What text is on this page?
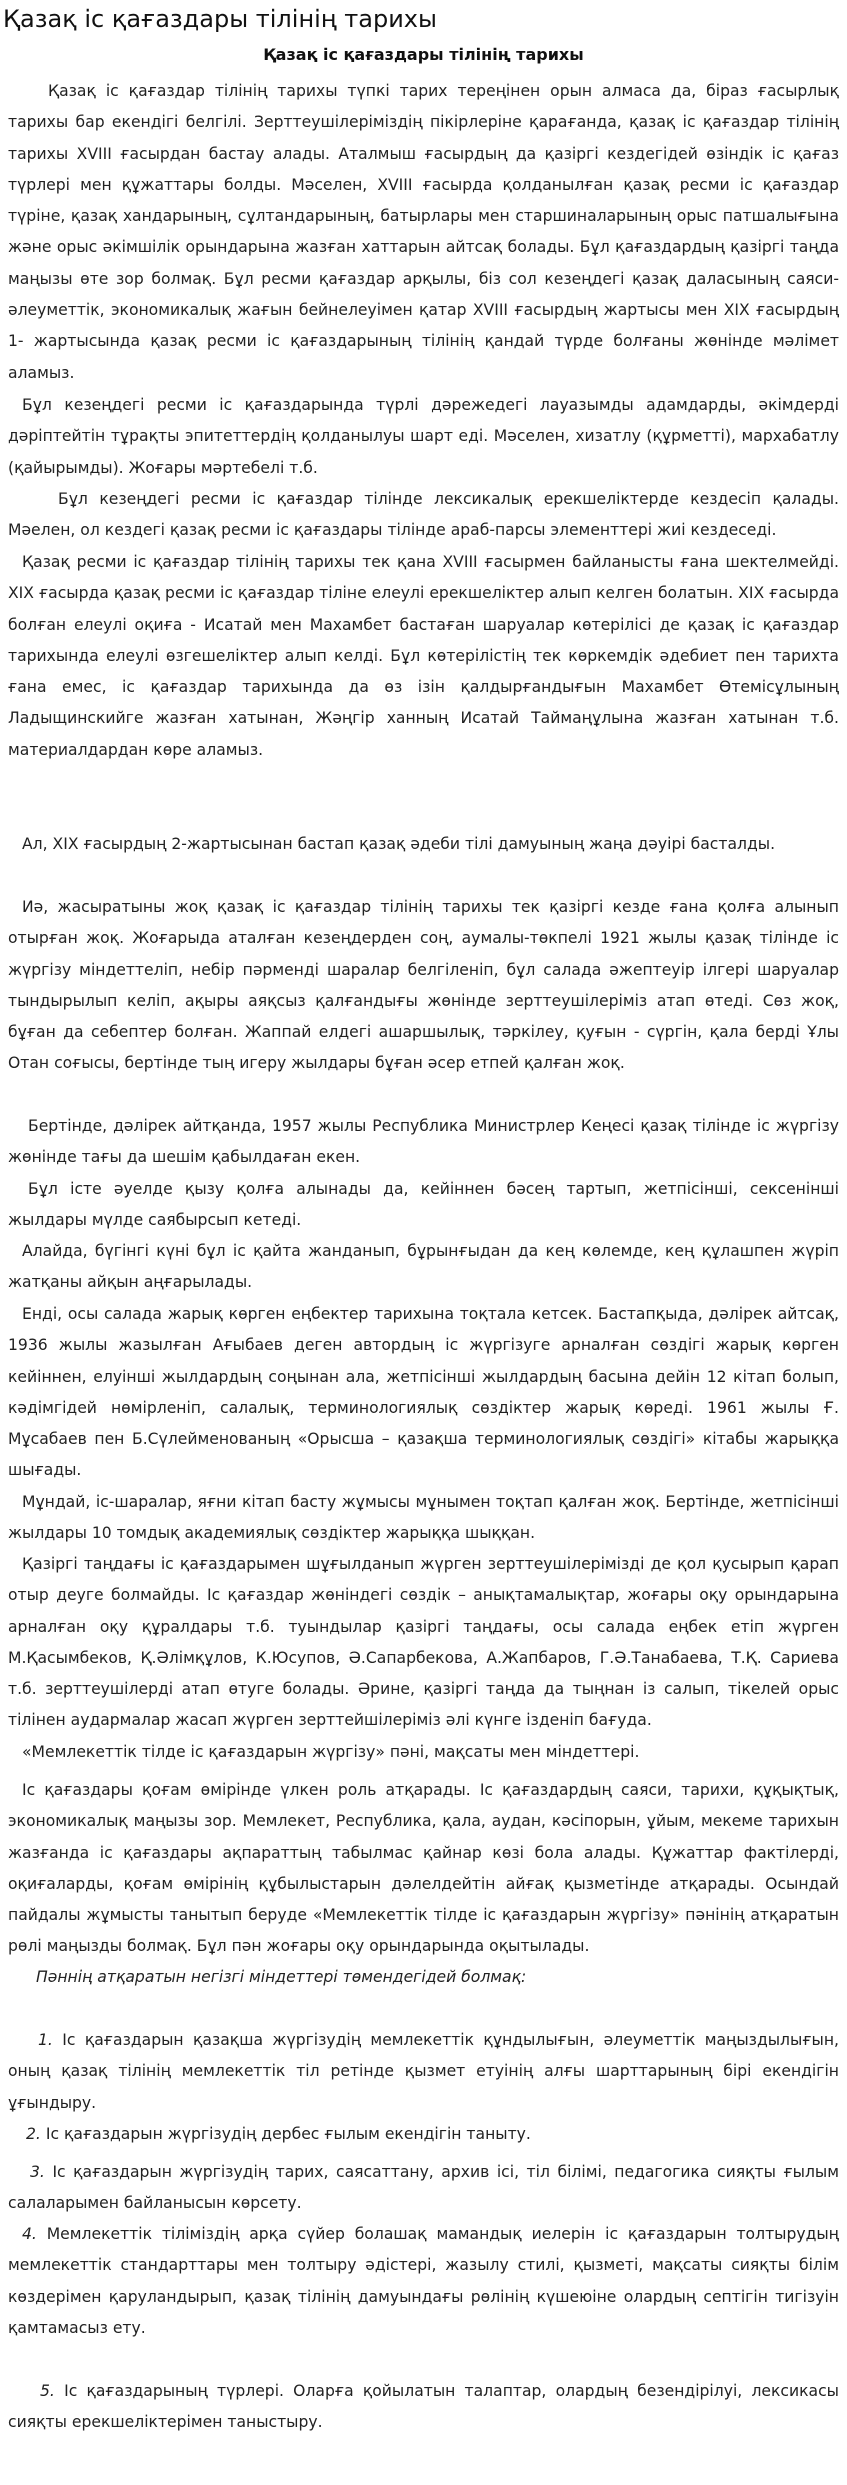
Қазақ іс қағаздары тілінің тарихы
Қазақ іс қағаздары тілінің тарихы

Қазақ іс қағаздар тілінің тарихы түпкі тарих тереңінен орын алмаса да, біраз ғасырлық тарихы бар екендігі белгілі. Зерттеушілеріміздің пікірлеріне қарағанда, қазақ іс қағаздар тілінің тарихы XVIII ғасырдан бастау алады. Аталмыш ғасырдың да қазіргі кездегідей өзіндік іс қағаз түрлері мен құжаттары болды. Мәселен, XVIII ғасырда қолданылған қазақ ресми іс қағаздар түріне, қазақ хандарының, сұлтандарының, батырлары мен старшиналарының орыс патшалығына және орыс әкімшілік орындарына жазған хаттарын айтсақ болады. Бұл қағаздардың қазіргі таңда маңызы өте зор болмақ. Бұл ресми қағаздар арқылы, біз сол кезеңдегі қазақ даласының саяси-әлеуметтік, экономикалық жағын бейнелеуімен қатар XVIII ғасырдың жартысы мен XIX ғасырдың 1- жартысында қазақ ресми іс қағаздарының тілінің қандай түрде болғаны жөнінде мәлімет аламыз.

Бұл кезеңдегі ресми іс қағаздарында түрлі дәрежедегі лауазымды адамдарды, әкімдерді дәріптейтін тұрақты эпитеттердің қолданылуы шарт еді. Мәселен, хизатлу (құрметті), мархабатлу (қайырымды). Жоғары мәртебелі т.б.

Бұл кезеңдегі ресми іс қағаздар тілінде лексикалық ерекшеліктерде кездесіп қалады. Мәелен, ол кездегі қазақ ресми іс қағаздары тілінде араб-парсы элементтері жиі кездеседі.

Қазақ ресми іс қағаздар тілінің тарихы тек қана XVIII ғасырмен байланысты ғана шектелмейді. XIX ғасырда қазақ ресми іс қағаздар тіліне елеулі ерекшеліктер алып келген болатын. XIX ғасырда болған елеулі оқиға - Исатай мен Махамбет бастаған шаруалар көтерілісі де қазақ іс қағаздар тарихында елеулі өзгешеліктер алып келді. Бұл көтерілістің тек көркемдік әдебиет пен тарихта ғана емес, іс қағаздар тарихында да өз ізін қалдырғандығын Махамбет Өтемісұлының Ладыщинскийге жазған хатынан, Жәңгір ханның Исатай Таймаңұлына жазған хатынан т.б. материалдардан көре аламыз.

Ал, XIX ғасырдың 2-жартысынан бастап қазақ әдеби тілі дамуының жаңа дәуірі басталды.

Иә, жасыратыны жоқ қазақ іс қағаздар тілінің тарихы тек қазіргі кезде ғана қолға алынып отырған жоқ. Жоғарыда аталған кезеңдерден соң, аумалы-төкпелі 1921 жылы қазақ тілінде іс жүргізу міндеттеліп, небір пәрменді шаралар белгіленіп, бұл салада әжептеуір ілгері шаруалар тындырылып келіп, ақыры аяқсыз қалғандығы жөнінде зерттеушілеріміз атап өтеді. Сөз жоқ, бұған да себептер болған. Жаппай елдегі ашаршылық, тәркілеу, қуғын - сүргін, қала берді Ұлы Отан соғысы, бертінде тың игеру жылдары бұған әсер етпей қалған жоқ.

Бертінде, дәлірек айтқанда, 1957 жылы Республика Министрлер Кеңесі қазақ тілінде іс жүргізу жөнінде тағы да шешім қабылдаған екен.

Бұл істе әуелде қызу қолға алынады да, кейіннен бәсең тартып, жетпісінші, сексенінші жылдары мүлде саябырсып кетеді.

Алайда, бүгінгі күні бұл іс қайта жанданып, бұрынғыдан да кең көлемде, кең құлашпен жүріп жатқаны айқын аңғарылады.

Енді, осы салада жарық көрген еңбектер тарихына тоқтала кетсек. Бастапқыда, дәлірек айтсақ, 1936 жылы жазылған Ағыбаев деген автордың іс жүргізуге арналған сөздігі жарық көрген кейіннен, елуінші жылдардың соңынан ала, жетпісінші жылдардың басына дейін 12 кітап болып, кәдімгідей нөмірленіп, салалық, терминологиялық сөздіктер жарық көреді. 1961 жылы Ғ. Мұсабаев пен Б.Сүлейменованың «Орысша – қазақша терминологиялық сөздігі» кітабы жарыққа шығады.

Мұндай, іс-шаралар, яғни кітап басту жұмысы мұнымен тоқтап қалған жоқ. Бертінде, жетпісінші жылдары 10 томдық академиялық сөздіктер жарыққа шыққан.

Қазіргі таңдағы іс қағаздарымен шұғылданып жүрген зерттеушілерімізді де қол қусырып қарап отыр деуге болмайды. Іс қағаздар жөніндегі сөздік – анықтамалықтар, жоғары оқу орындарына арналған оқу құралдары т.б. туындылар қазіргі таңдағы, осы салада еңбек етіп жүрген М.Қасымбеков, Қ.Әлімқұлов, К.Юсупов, Ә.Сапарбекова, А.Жапбаров, Г.Ә.Танабаева, Т.Қ. Сариева т.б. зерттеушілерді атап өтуге болады. Әрине, қазіргі таңда да тыңнан із салып, тікелей орыс тілінен аудармалар жасап жүрген зерттейшілеріміз әлі күнге ізденіп бағуда.

«Мемлекеттік тілде іс қағаздарын жүргізу» пәні, мақсаты мен міндеттері.

Іс қағаздары қоғам өмірінде үлкен роль атқарады. Іс қағаздардың саяси, тарихи, құқықтық, экономикалық маңызы зор. Мемлекет, Республика, қала, аудан, кәсіпорын, ұйым, мекеме тарихын жазғанда іс қағаздары ақпараттың табылмас қайнар көзі бола алады. Құжаттар фактілерді, оқиғаларды, қоғам өмірінің құбылыстарын дәлелдейтін айғақ қызметінде атқарады. Осындай пайдалы жұмысты танытып беруде «Мемлекеттік тілде іс қағаздарын жүргізу» пәнінің атқаратын рөлі маңызды болмақ. Бұл пән жоғары оқу орындарында оқытылады.

Пәннің атқаратын негізгі міндеттері төмендегідей болмақ:

1. Іс қағаздарын қазақша жүргізудің мемлекеттік құндылығын, әлеуметтік маңыздылығын, оның қазақ тілінің мемлекеттік тіл ретінде қызмет етуінің алғы шарттарының бірі екендігін ұғындыру.
2. Іс қағаздарын жүргізудің дербес ғылым екендігін таныту.
3. Іс қағаздарын жүргізудің тарих, саясаттану, архив ісі, тіл білімі, педагогика сияқты ғылым салаларымен байланысын көрсету.
4. Мемлекеттік тіліміздің арқа сүйер болашақ мамандық иелерін іс қағаздарын толтырудың мемлекеттік стандарттары мен толтыру әдістері, жазылу стилі, қызметі, мақсаты сияқты білім көздерімен қаруландырып, қазақ тілінің дамуындағы рөлінің күшеюіне олардың септігін тигізуін қамтамасыз ету.
5. Іс қағаздарының түрлері. Оларға қойылатын талаптар, олардың безендірілуі, лексикасы сияқты ерекшеліктерімен таныстыру.
